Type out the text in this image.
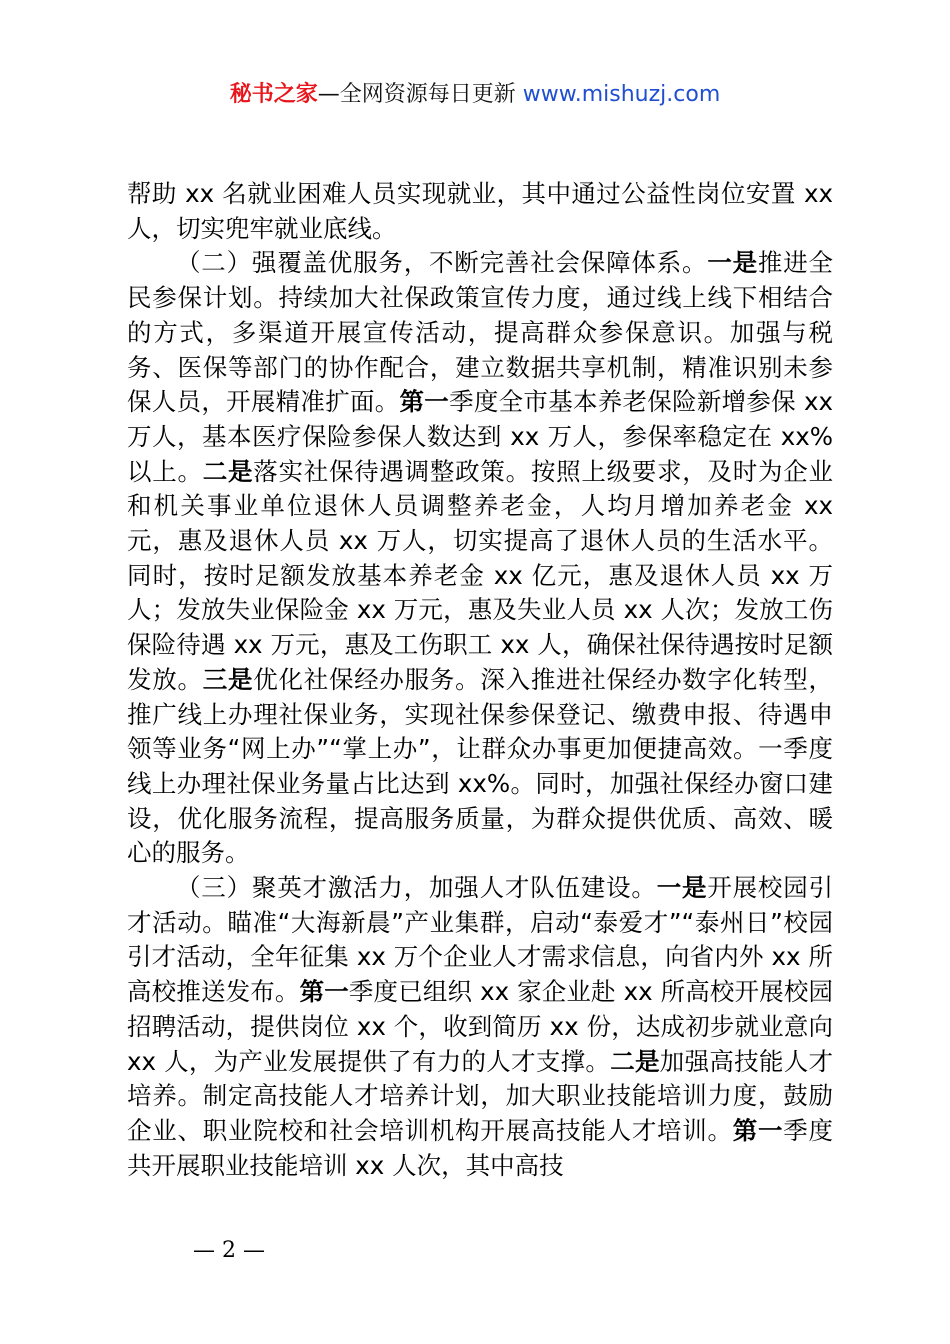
秘书之家—全网资源每日更新 www.mishuzj.com

帮助 xx 名就业困难人员实现就业，其中通过公益性岗位安置 xx 人，切实兜牢就业底线。

（二）强覆盖优服务，不断完善社会保障体系。一是推进全民参保计划。持续加大社保政策宣传力度，通过线上线下相结合的方式，多渠道开展宣传活动，提高群众参保意识。加强与税务、医保等部门的协作配合，建立数据共享机制，精准识别未参保人员，开展精准扩面。第一季度全市基本养老保险新增参保 xx 万人，基本医疗保险参保人数达到 xx 万人，参保率稳定在 xx%以上。二是落实社保待遇调整政策。按照上级要求，及时为企业和机关事业单位退休人员调整养老金，人均月增加养老金 xx 元，惠及退休人员 xx 万人，切实提高了退休人员的生活水平。同时，按时足额发放基本养老金 xx 亿元，惠及退休人员 xx 万人；发放失业保险金 xx 万元，惠及失业人员 xx 人次；发放工伤保险待遇 xx 万元，惠及工伤职工 xx 人，确保社保待遇按时足额发放。三是优化社保经办服务。深入推进社保经办数字化转型，推广线上办理社保业务，实现社保参保登记、缴费申报、待遇申领等业务“网上办”“掌上办”，让群众办事更加便捷高效。一季度线上办理社保业务量占比达到 xx%。同时，加强社保经办窗口建设，优化服务流程，提高服务质量，为群众提供优质、高效、暖心的服务。

（三）聚英才激活力，加强人才队伍建设。一是开展校园引才活动。瞄准“大海新晨”产业集群，启动“泰爱才”“泰州日”校园引才活动，全年征集 xx 万个企业人才需求信息，向省内外 xx 所高校推送发布。第一季度已组织 xx 家企业赴 xx 所高校开展校园招聘活动，提供岗位 xx 个，收到简历 xx 份，达成初步就业意向 xx 人，为产业发展提供了有力的人才支撑。二是加强高技能人才培养。制定高技能人才培养计划，加大职业技能培训力度，鼓励企业、职业院校和社会培训机构开展高技能人才培训。第一季度共开展职业技能培训 xx 人次，其中高技

— 2 —
